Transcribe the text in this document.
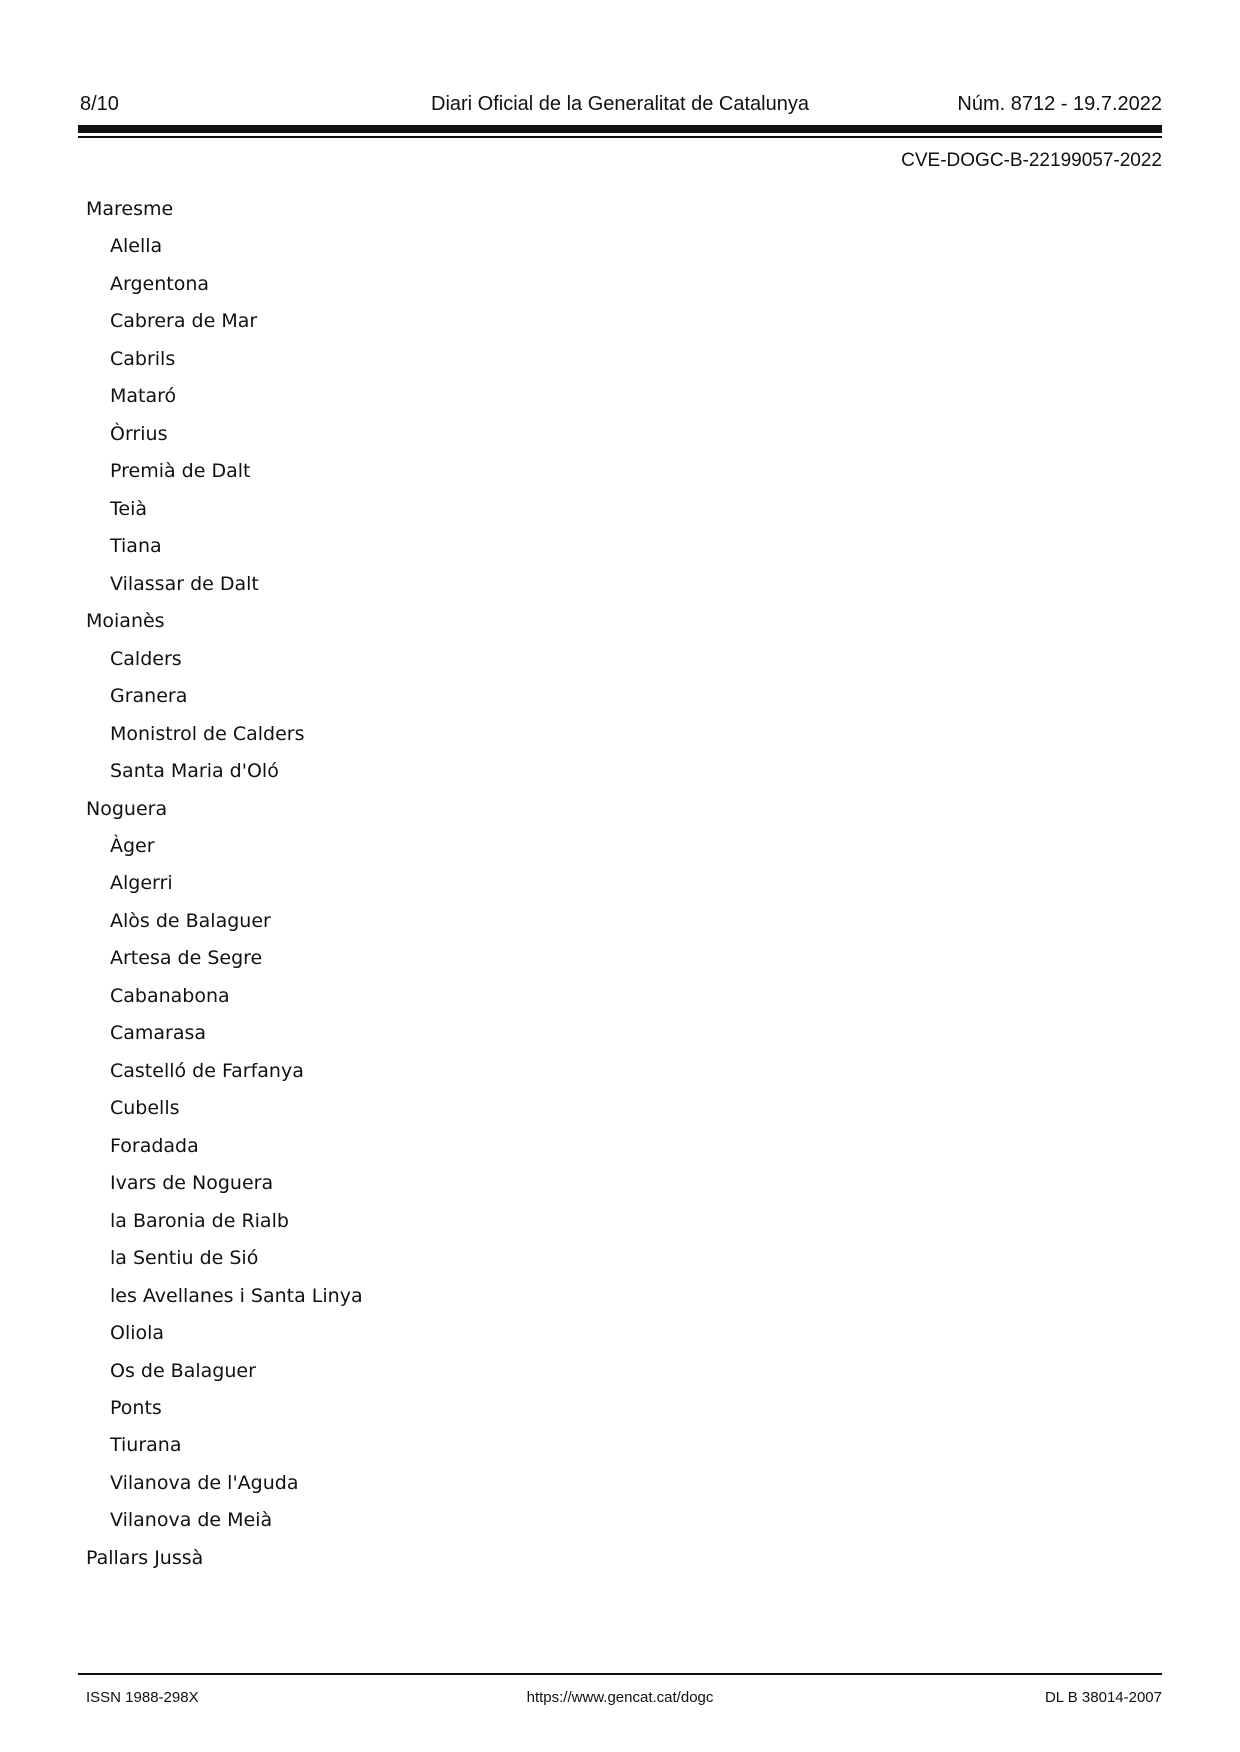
8/10	Diari Oficial de la Generalitat de Catalunya	Núm. 8712 - 19.7.2022
CVE-DOGC-B-22199057-2022
Maresme
Alella
Argentona
Cabrera de Mar
Cabrils
Mataró
Òrrius
Premià de Dalt
Teià
Tiana
Vilassar de Dalt
Moianès
Calders
Granera
Monistrol de Calders
Santa Maria d'Oló
Noguera
Àger
Algerri
Alòs de Balaguer
Artesa de Segre
Cabanabona
Camarasa
Castelló de Farfanya
Cubells
Foradada
Ivars de Noguera
la Baronia de Rialb
la Sentiu de Sió
les Avellanes i Santa Linya
Oliola
Os de Balaguer
Ponts
Tiurana
Vilanova de l'Aguda
Vilanova de Meià
Pallars Jussà
ISSN 1988-298X	https://www.gencat.cat/dogc	DL B 38014-2007
